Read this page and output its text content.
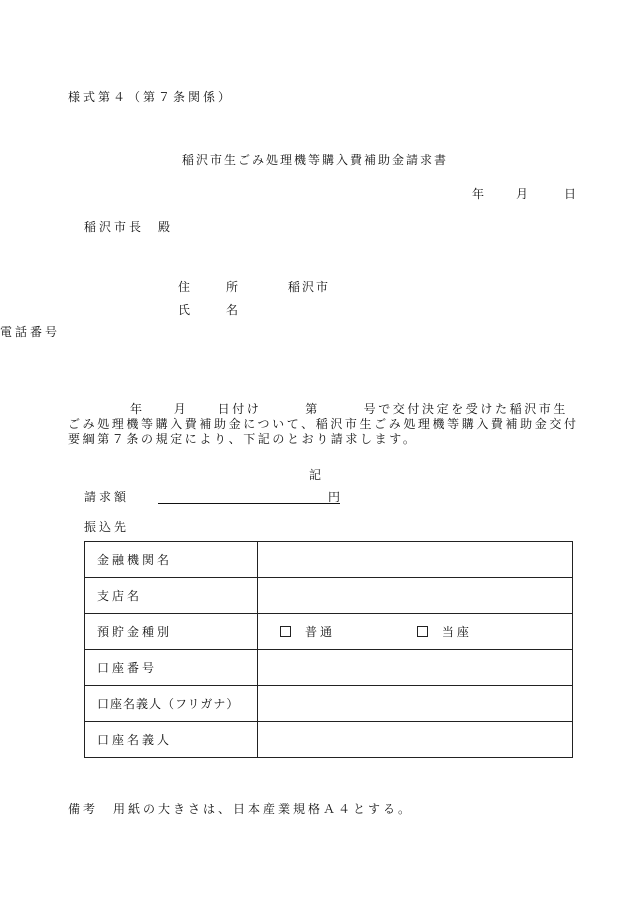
様式第４（第７条関係）
稲沢市生ごみ処理機等購入費補助金請求書
年	月	日
稲沢市長 殿
住	所	稲沢市
氏	名
電話番号
年　　月　　日付け　　　第　　　号で交付決定を受けた稲沢市生
ごみ処理機等購入費補助金について、稲沢市生ごみ処理機等購入費補助金交付要綱第７条の規定により、下記のとおり請求します。
記
請求額	円
振込先
金融機関名	
支店名	
預貯金種別	普通 当座
口座番号	
口座名義人（フリガナ）	
口座名義人	
備考　用紙の大きさは、日本産業規格Ａ４とする。
